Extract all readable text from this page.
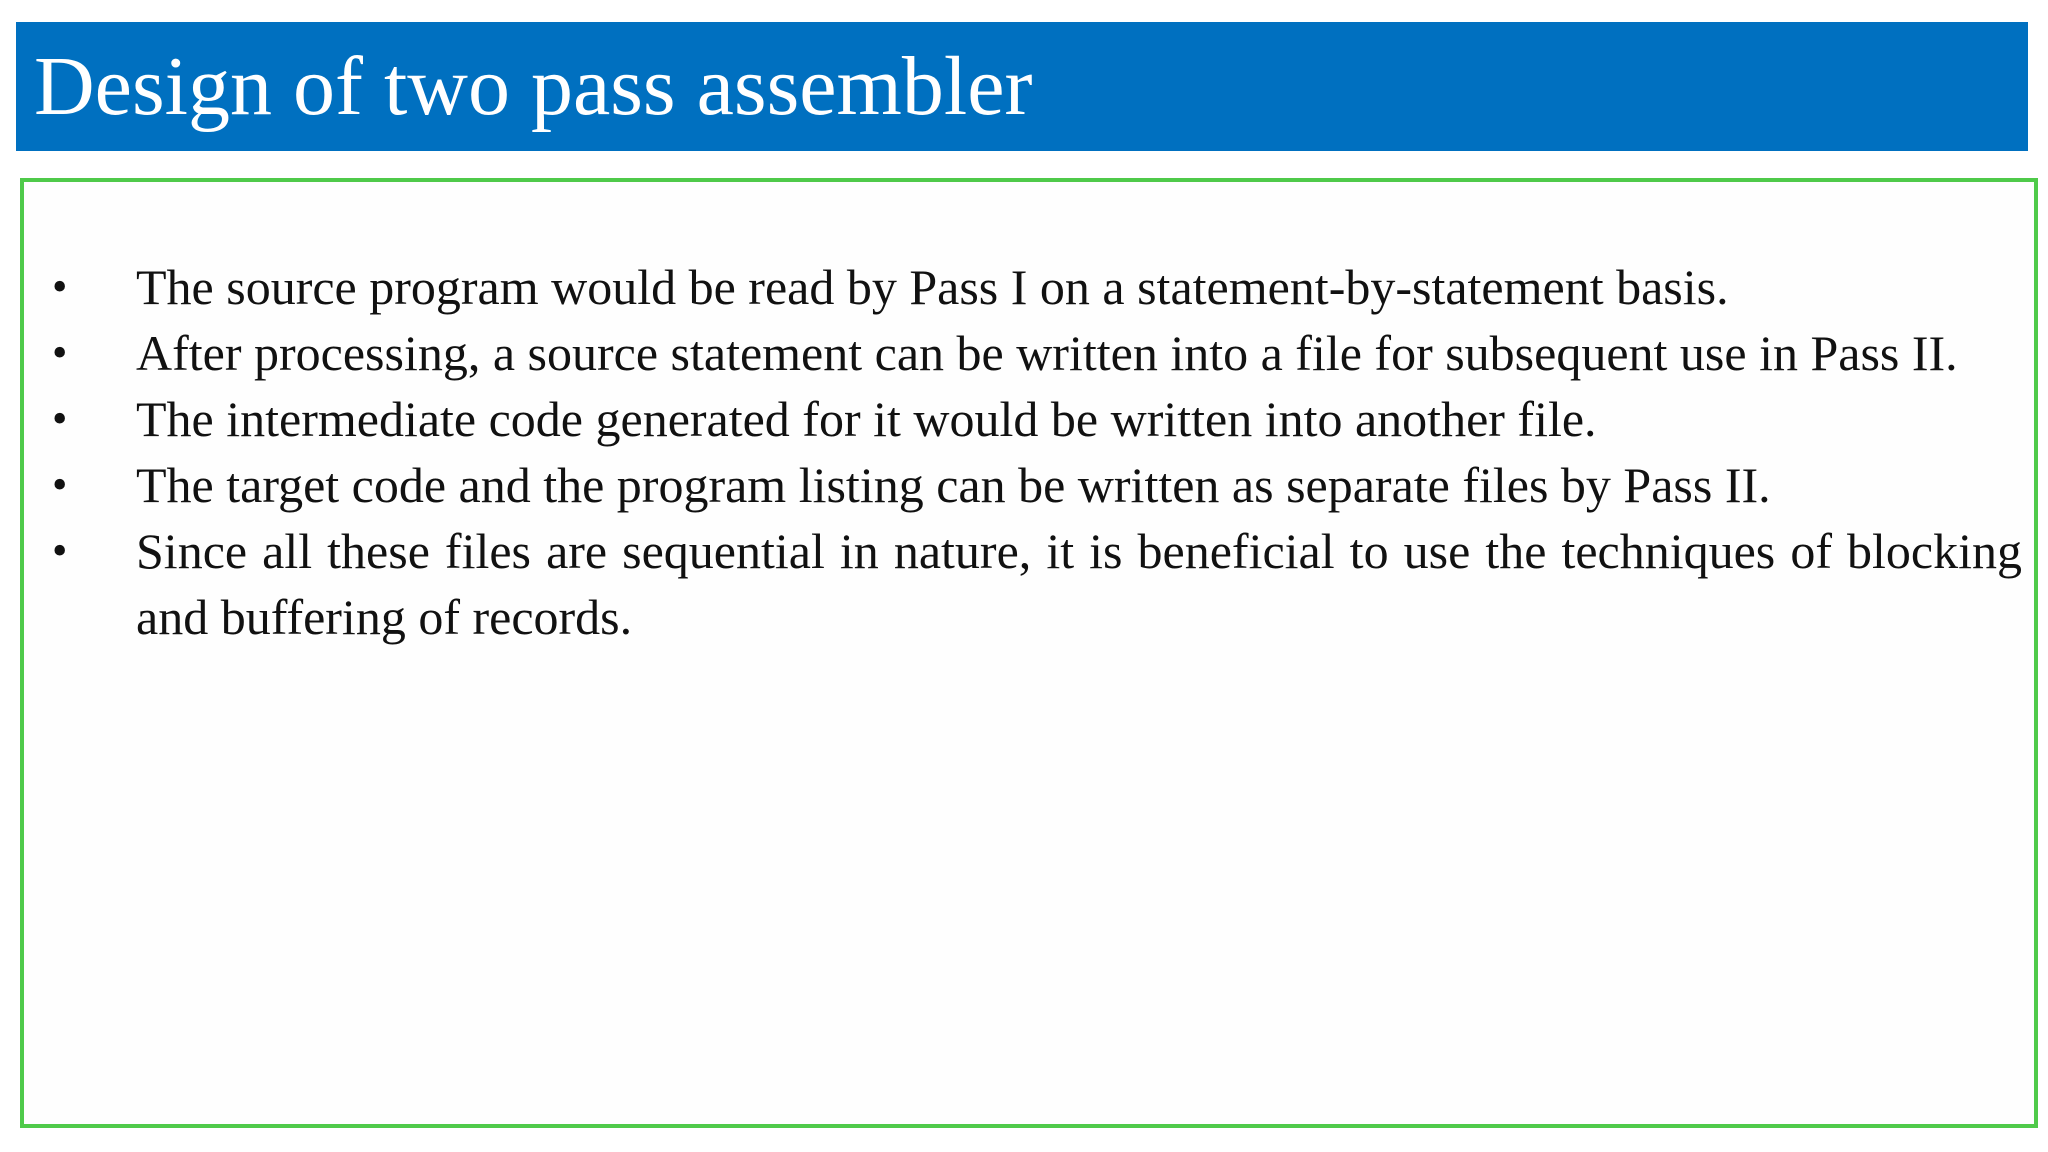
Design of two pass assembler
•	The source program would be read by Pass I on a statement-by-statement basis.
•	After processing, a source statement can be written into a file for subsequent use in Pass II.
•	The intermediate code generated for it would be written into another file.
•	The target code and the program listing can be written as separate files by Pass II.
•	Since all these files are sequential in nature, it is beneficial to use the techniques of blocking and buffering of records.
